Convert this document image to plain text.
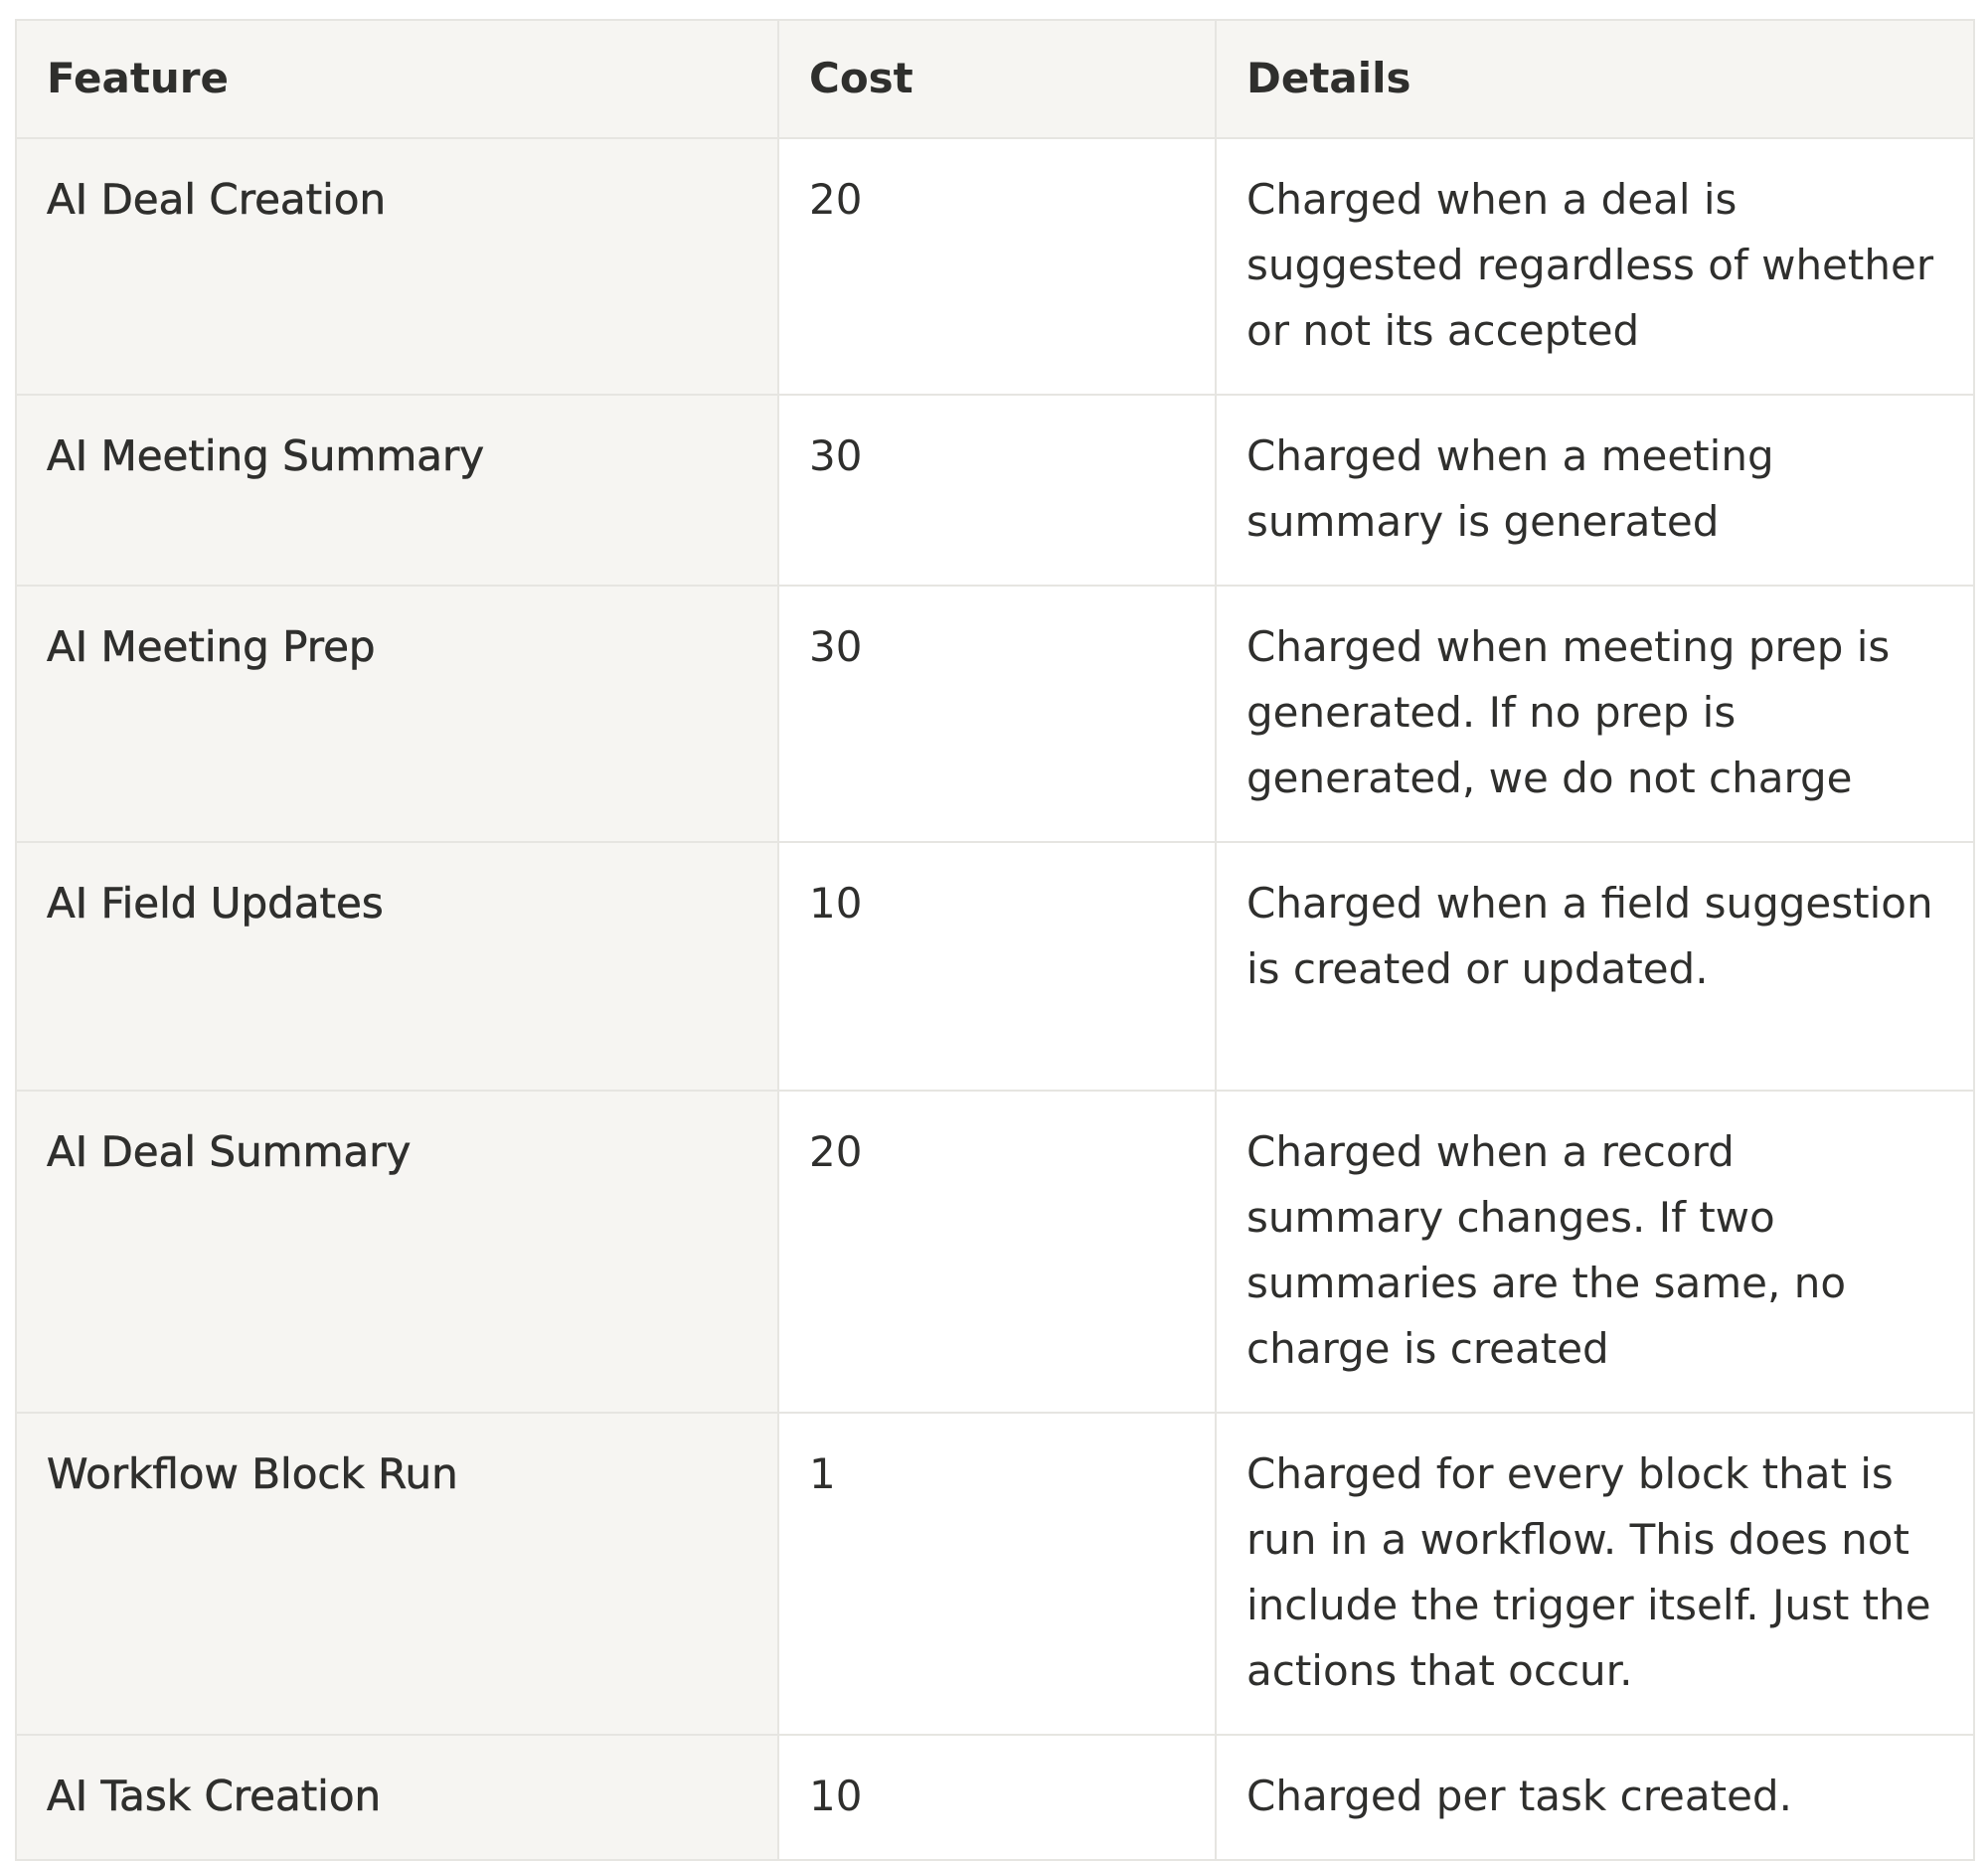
Feature	Cost	Details
AI Deal Creation	20	Charged when a deal is suggested regardless of whether or not its accepted
AI Meeting Summary	30	Charged when a meeting summary is generated
AI Meeting Prep	30	Charged when meeting prep is generated. If no prep is generated, we do not charge
AI Field Updates	10	Charged when a field suggestion is created or updated.
AI Deal Summary	20	Charged when a record summary changes. If two summaries are the same, no charge is created
Workflow Block Run	1	Charged for every block that is run in a workflow. This does not include the trigger itself. Just the actions that occur.
AI Task Creation	10	Charged per task created.
